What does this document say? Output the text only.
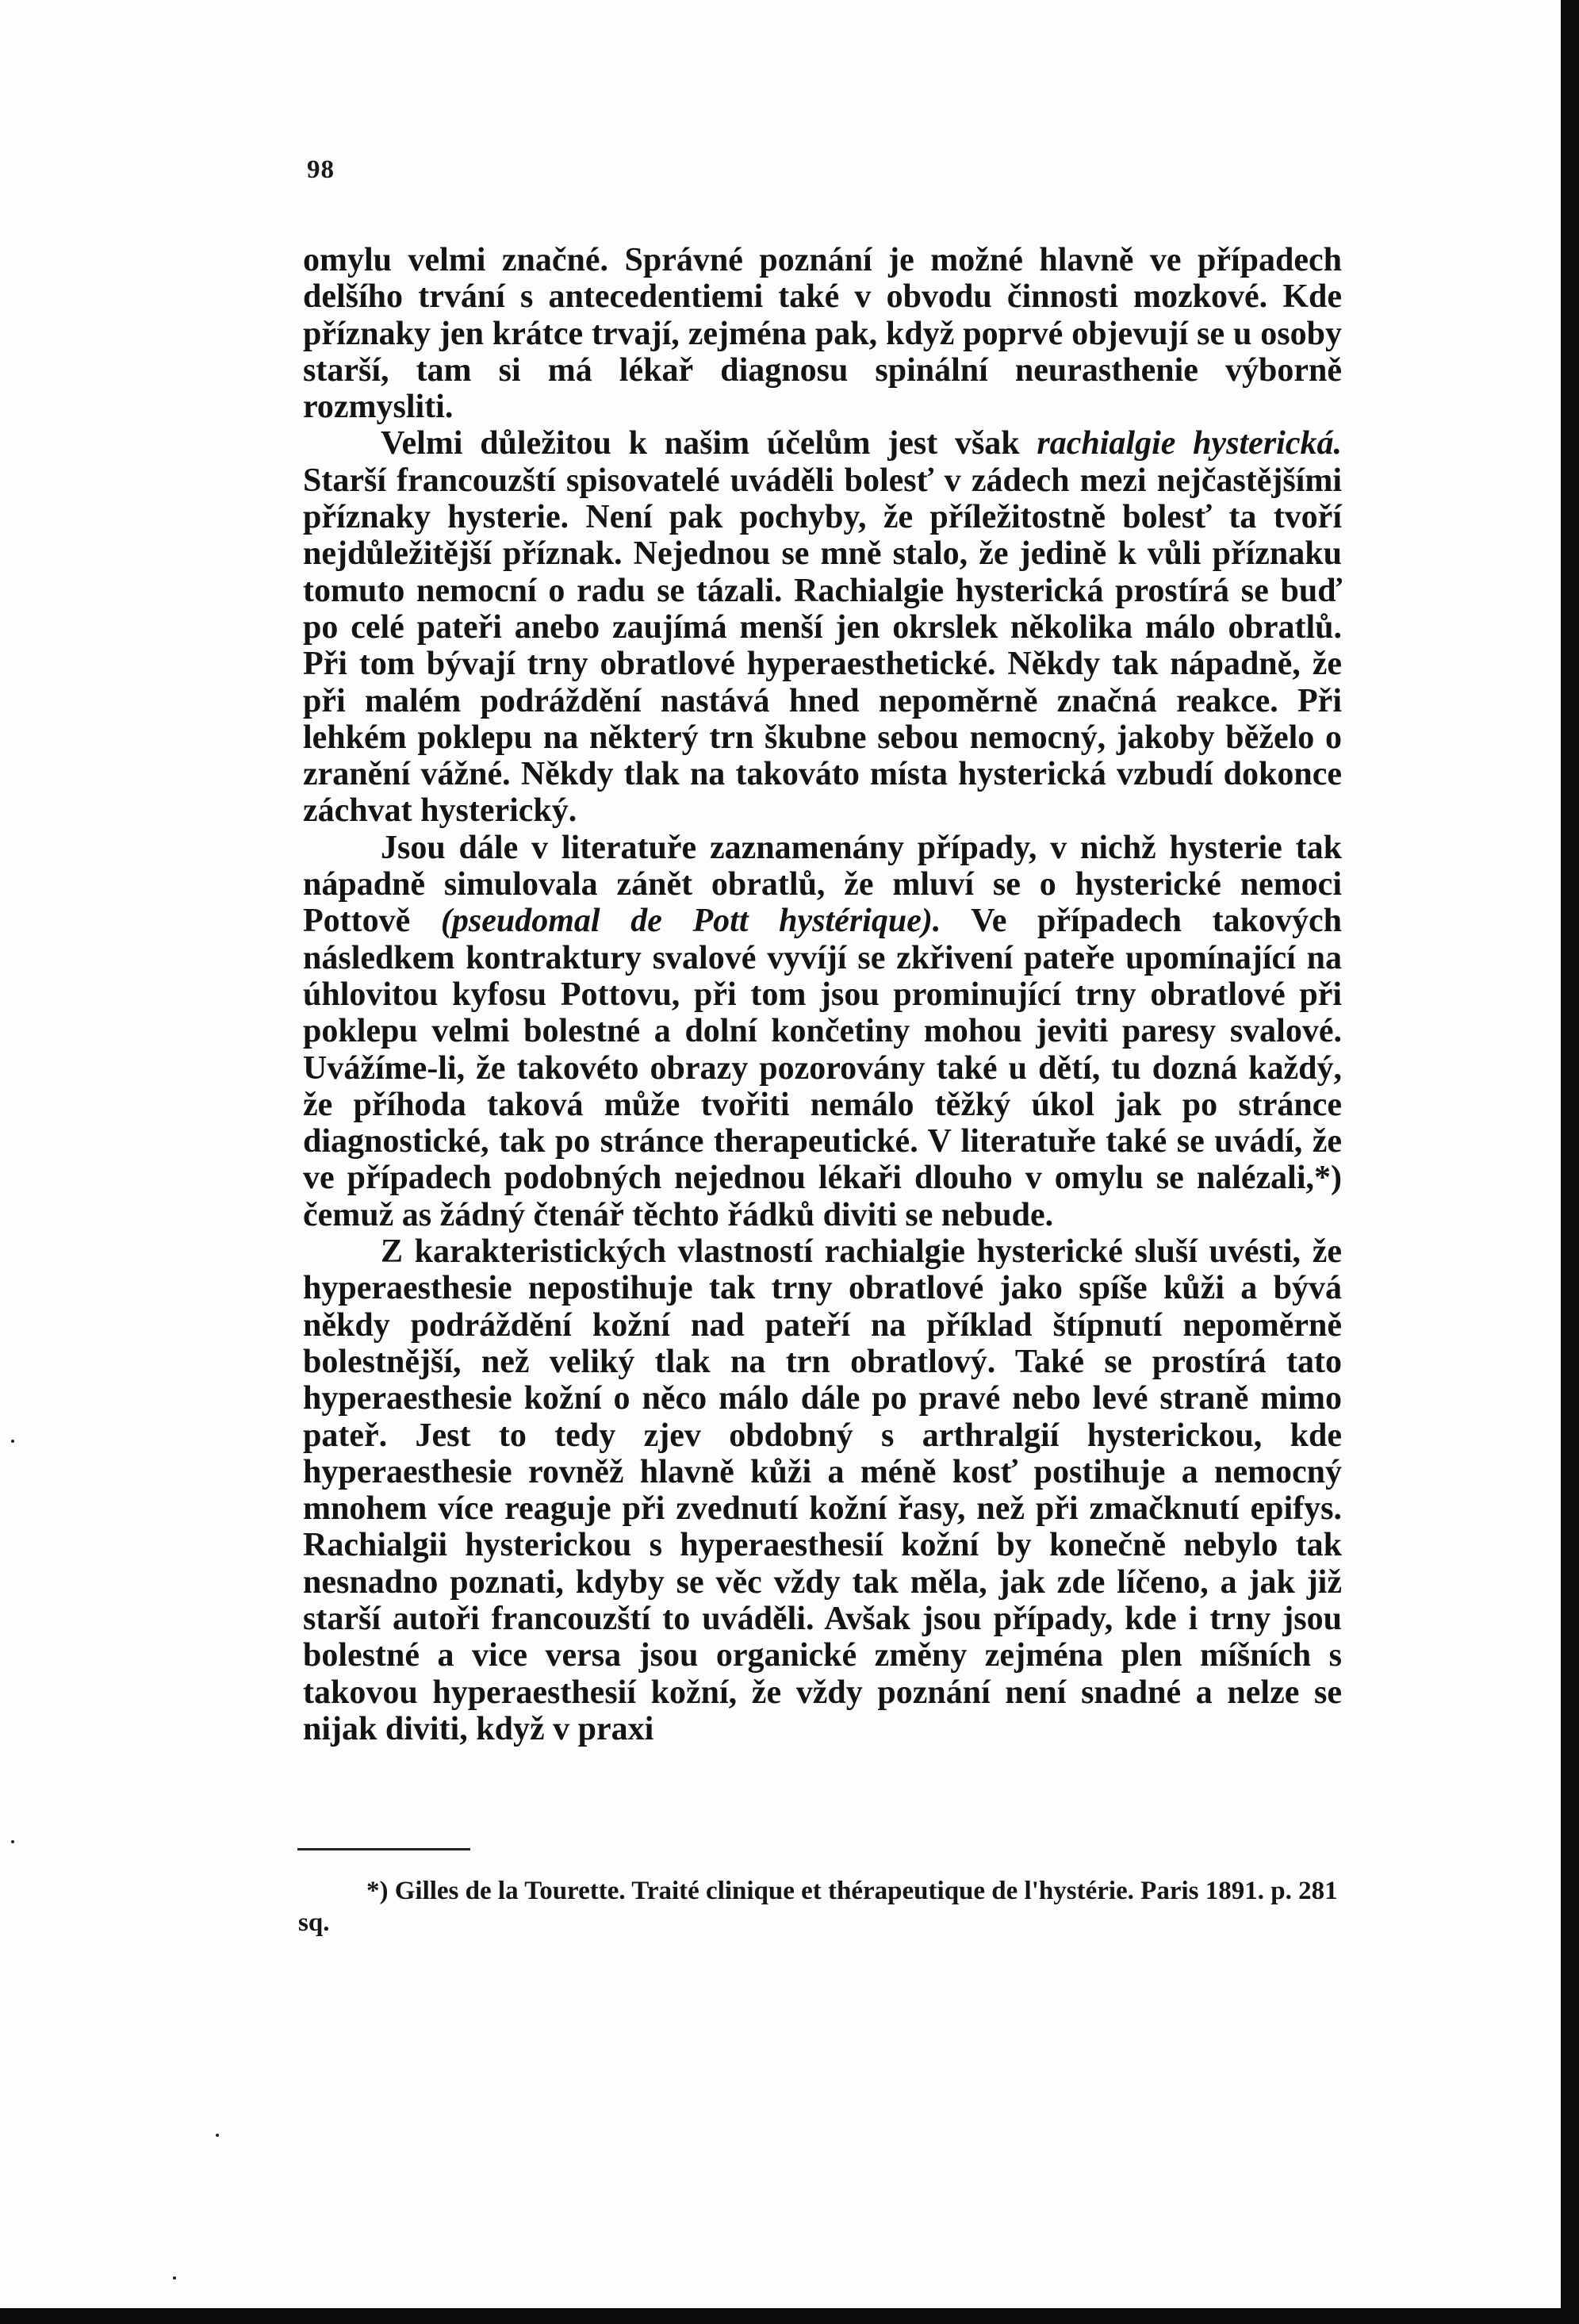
98

omylu velmi značné. Správné poznání je možné hlavně ve případech delšího trvání s antecedentiemi také v obvodu činnosti mozkové. Kde příznaky jen krátce trvají, zejména pak, když poprvé objevují se u osoby starší, tam si má lékař diagnosu spinální neurasthenie výborně rozmysliti.

Velmi důležitou k našim účelům jest však rachialgie hysterická. Starší francouzští spisovatelé uváděli bolesť v zádech mezi nejčastějšími příznaky hysterie. Není pak pochyby, že příležitostně bolesť ta tvoří nejdůležitější příznak. Nejednou se mně stalo, že jedině k vůli příznaku tomuto nemocní o radu se tázali. Rachialgie hysterická prostírá se buď po celé pateři anebo zaujímá menší jen okrslek několika málo obratlů. Při tom bývají trny obratlové hyperaesthetické. Někdy tak nápadně, že při malém podráždění nastává hned nepoměrně značná reakce. Při lehkém poklepu na některý trn škubne sebou nemocný, jakoby běželo o zranění vážné. Někdy tlak na takováto místa hysterická vzbudí dokonce záchvat hysterický.

Jsou dále v literatuře zaznamenány případy, v nichž hysterie tak nápadně simulovala zánět obratlů, že mluví se o hysterické nemoci Pottově (pseudomal de Pott hystérique). Ve případech takových následkem kontraktury svalové vyvíjí se zkřivení pateře upomínající na úhlovitou kyfosu Pottovu, při tom jsou prominující trny obratlové při poklepu velmi bolestné a dolní končetiny mohou jeviti paresy svalové. Uvážíme-li, že takovéto obrazy pozorovány také u dětí, tu dozná každý, že příhoda taková může tvořiti nemálo těžký úkol jak po stránce diagnostické, tak po stránce therapeutické. V literatuře také se uvádí, že ve případech podobných nejednou lékaři dlouho v omylu se nalézali,*) čemuž as žádný čtenář těchto řádků diviti se nebude.

Z karakteristických vlastností rachialgie hysterické sluší uvésti, že hyperaesthesie nepostihuje tak trny obratlové jako spíše kůži a bývá někdy podráždění kožní nad pateří na příklad štípnutí nepoměrně bolestnější, než veliký tlak na trn obratlový. Také se prostírá tato hyperaesthesie kožní o něco málo dále po pravé nebo levé straně mimo pateř. Jest to tedy zjev obdobný s arthralgií hysterickou, kde hyperaesthesie rovněž hlavně kůži a méně kosť postihuje a nemocný mnohem více reaguje při zvednutí kožní řasy, než při zmačknutí epifys. Rachialgii hysterickou s hyperaesthesií kožní by konečně nebylo tak nesnadno poznati, kdyby se věc vždy tak měla, jak zde líčeno, a jak již starší autoři francouzští to uváděli. Avšak jsou případy, kde i trny jsou bolestné a vice versa jsou organické změny zejména plen míšních s takovou hyperaesthesií kožní, že vždy poznání není snadné a nelze se nijak diviti, když v praxi

*) Gilles de la Tourette. Traité clinique et thérapeutique de l'hystérie. Paris 1891. p. 281 sq.
